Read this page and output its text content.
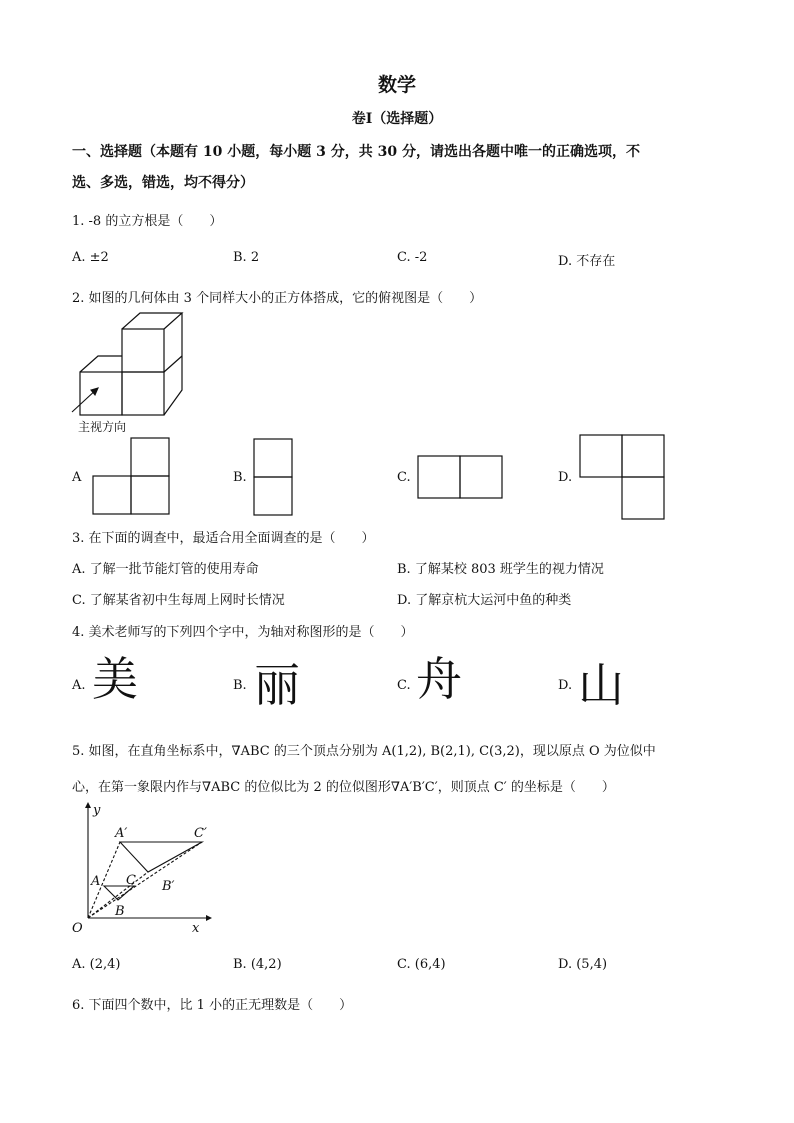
数学
卷Ⅰ（选择题）
一、选择题（本题有 10 小题，每小题 3 分，共 30 分，请选出各题中唯一的正确选项，不
选、多选，错选，均不得分）
1. -8 的立方根是（　　）
A. ±2	B. 2	C. -2	D. 不存在
2. 如图的几何体由 3 个同样大小的正方体搭成，它的俯视图是（　　）
主视方向
A	B.	C.	D.
3. 在下面的调查中，最适合用全面调查的是（　　）
A. 了解一批节能灯管的使用寿命	B. 了解某校 803 班学生的视力情况
C. 了解某省初中生每周上网时长情况	D. 了解京杭大运河中鱼的种类
4. 美术老师写的下列四个字中，为轴对称图形的是（　　）
A. 美	B. 丽	C. 舟	D. 山
5. 如图，在直角坐标系中，∇ABC 的三个顶点分别为 A(1,2), B(2,1), C(3,2)，现以原点 O 为位似中
心，在第一象限内作与∇ABC 的位似比为 2 的位似图形∇A′B′C′，则顶点 C′ 的坐标是（　　）
y
x
O
A
B
C
A′
B′
C′
A. (2,4)	B. (4,2)	C. (6,4)	D. (5,4)
6. 下面四个数中，比 1 小的正无理数是（　　）
